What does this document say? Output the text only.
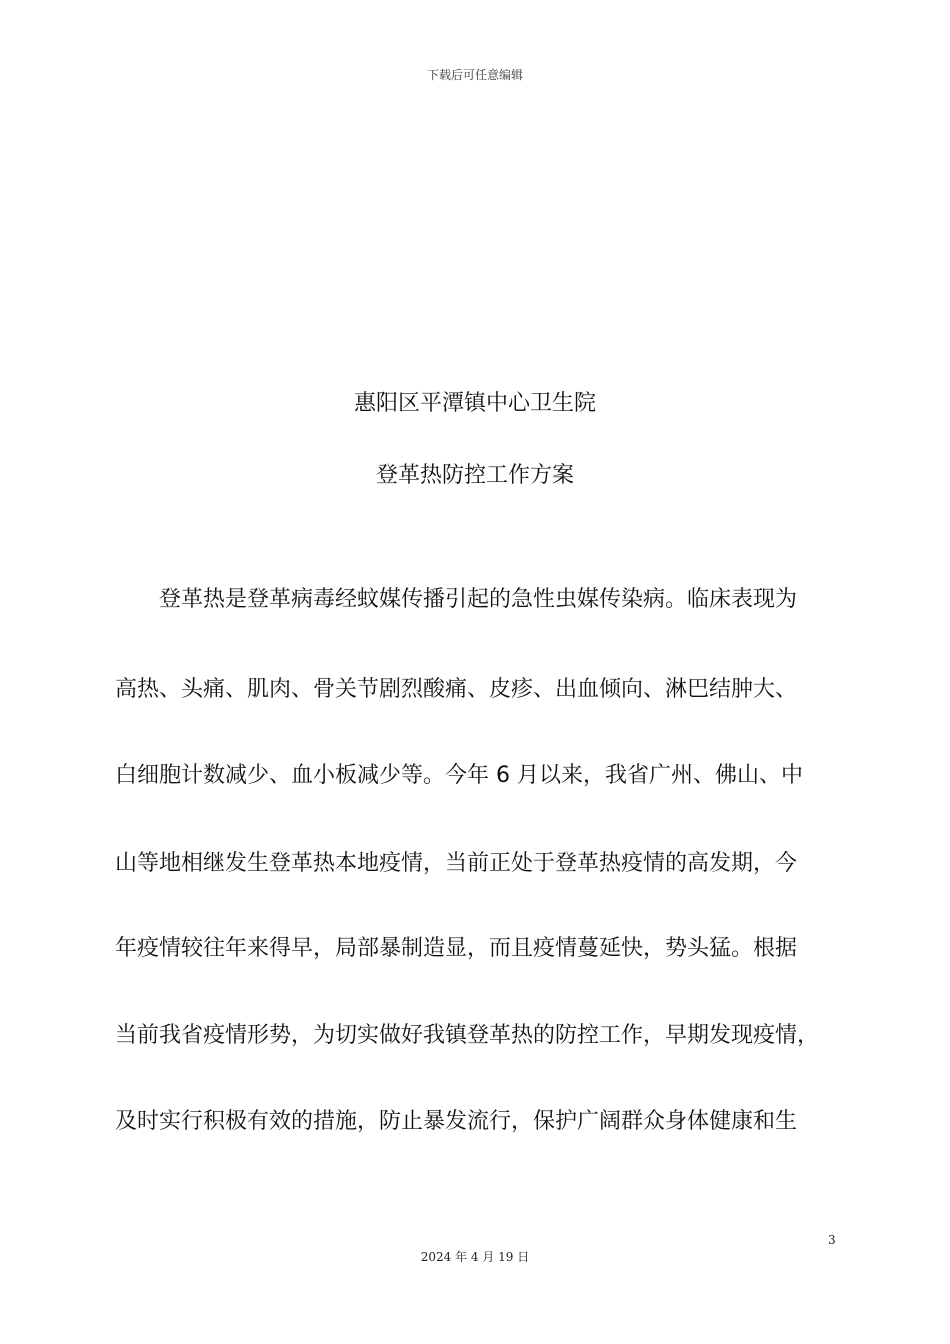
下载后可任意编辑
惠阳区平潭镇中心卫生院
登革热防控工作方案
　　登革热是登革病毒经蚊媒传播引起的急性虫媒传染病。临床表现为
高热、头痛、肌肉、骨关节剧烈酸痛、皮疹、出血倾向、淋巴结肿大、
白细胞计数减少、血小板减少等。今年 6 月以来，我省广州、佛山、中
山等地相继发生登革热本地疫情，当前正处于登革热疫情的高发期，今
年疫情较往年来得早，局部暴制造显，而且疫情蔓延快，势头猛。根据
当前我省疫情形势，为切实做好我镇登革热的防控工作，早期发现疫情，
及时实行积极有效的措施，防止暴发流行，保护广阔群众身体健康和生
3
2024 年 4 月 19 日
